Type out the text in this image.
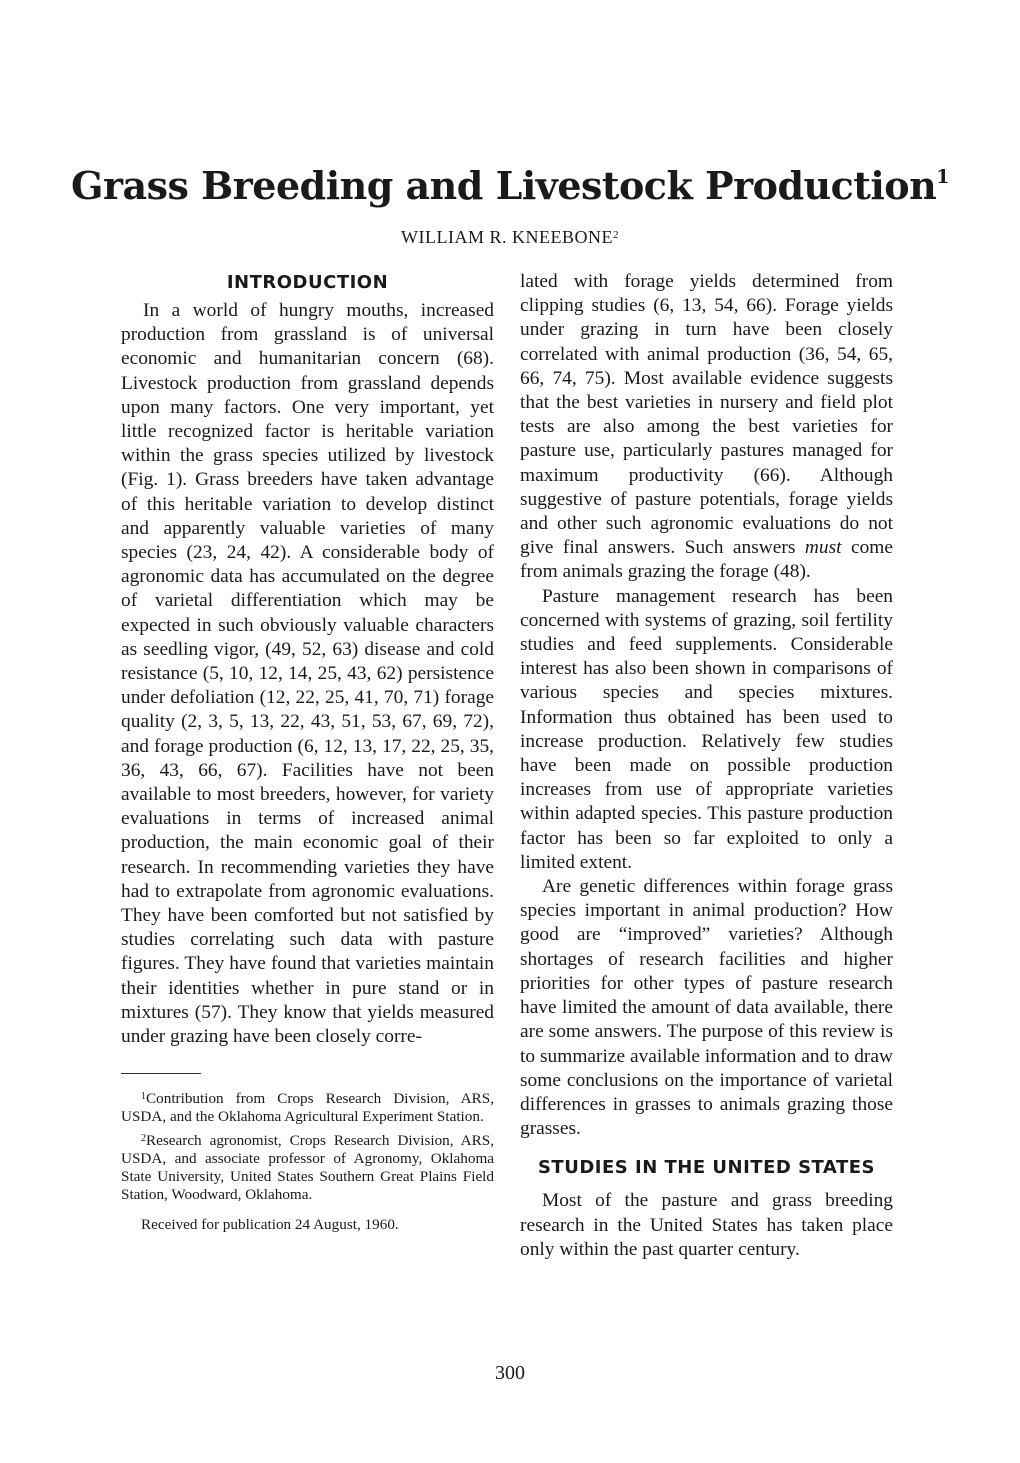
Grass Breeding and Livestock Production$^1$
WILLIAM R. KNEEBONE$^2$
INTRODUCTION

In a world of hungry mouths, increased production from grassland is of universal economic and humanitarian concern (68). Livestock production from grassland depends upon many factors. One very important, yet little recognized factor is heritable variation within the grass species utilized by livestock (Fig. 1). Grass breeders have taken advantage of this heritable variation to develop distinct and apparently valuable varieties of many species (23, 24, 42). A considerable body of agronomic data has accumulated on the degree of varietal differentiation which may be expected in such obviously valuable characters as seedling vigor, (49, 52, 63) disease and cold resistance (5, 10, 12, 14, 25, 43, 62) persistence under defoliation (12, 22, 25, 41, 70, 71) forage quality (2, 3, 5, 13, 22, 43, 51, 53, 67, 69, 72), and forage production (6, 12, 13, 17, 22, 25, 35, 36, 43, 66, 67). Facilities have not been available to most breeders, however, for variety evaluations in terms of increased animal production, the main economic goal of their research. In recommending varieties they have had to extrapolate from agronomic evaluations. They have been comforted but not satisfied by studies correlating such data with pasture figures. They have found that varieties maintain their identities whether in pure stand or in mixtures (57). They know that yields measured under grazing have been closely corre-

$^1$Contribution from Crops Research Division, ARS, USDA, and the Oklahoma Agricultural Experiment Station.

$^2$Research agronomist, Crops Research Division, ARS, USDA, and associate professor of Agronomy, Oklahoma State University, United States Southern Great Plains Field Station, Woodward, Oklahoma.

Received for publication 24 August, 1960.

lated with forage yields determined from clipping studies (6, 13, 54, 66). Forage yields under grazing in turn have been closely correlated with animal production (36, 54, 65, 66, 74, 75). Most available evidence suggests that the best varieties in nursery and field plot tests are also among the best varieties for pasture use, particularly pastures managed for maximum productivity (66). Although suggestive of pasture potentials, forage yields and other such agronomic evaluations do not give final answers. Such answers must come from animals grazing the forage (48).

Pasture management research has been concerned with systems of grazing, soil fertility studies and feed supplements. Considerable interest has also been shown in comparisons of various species and species mixtures. Information thus obtained has been used to increase production. Relatively few studies have been made on possible production increases from use of appropriate varieties within adapted species. This pasture production factor has been so far exploited to only a limited extent.

Are genetic differences within forage grass species important in animal production? How good are “improved” varieties? Although shortages of research facilities and higher priorities for other types of pasture research have limited the amount of data available, there are some answers. The purpose of this review is to summarize available information and to draw some conclusions on the importance of varietal differences in grasses to animals grazing those grasses.

STUDIES IN THE UNITED STATES

Most of the pasture and grass breeding research in the United States has taken place only within the past quarter century.

300
